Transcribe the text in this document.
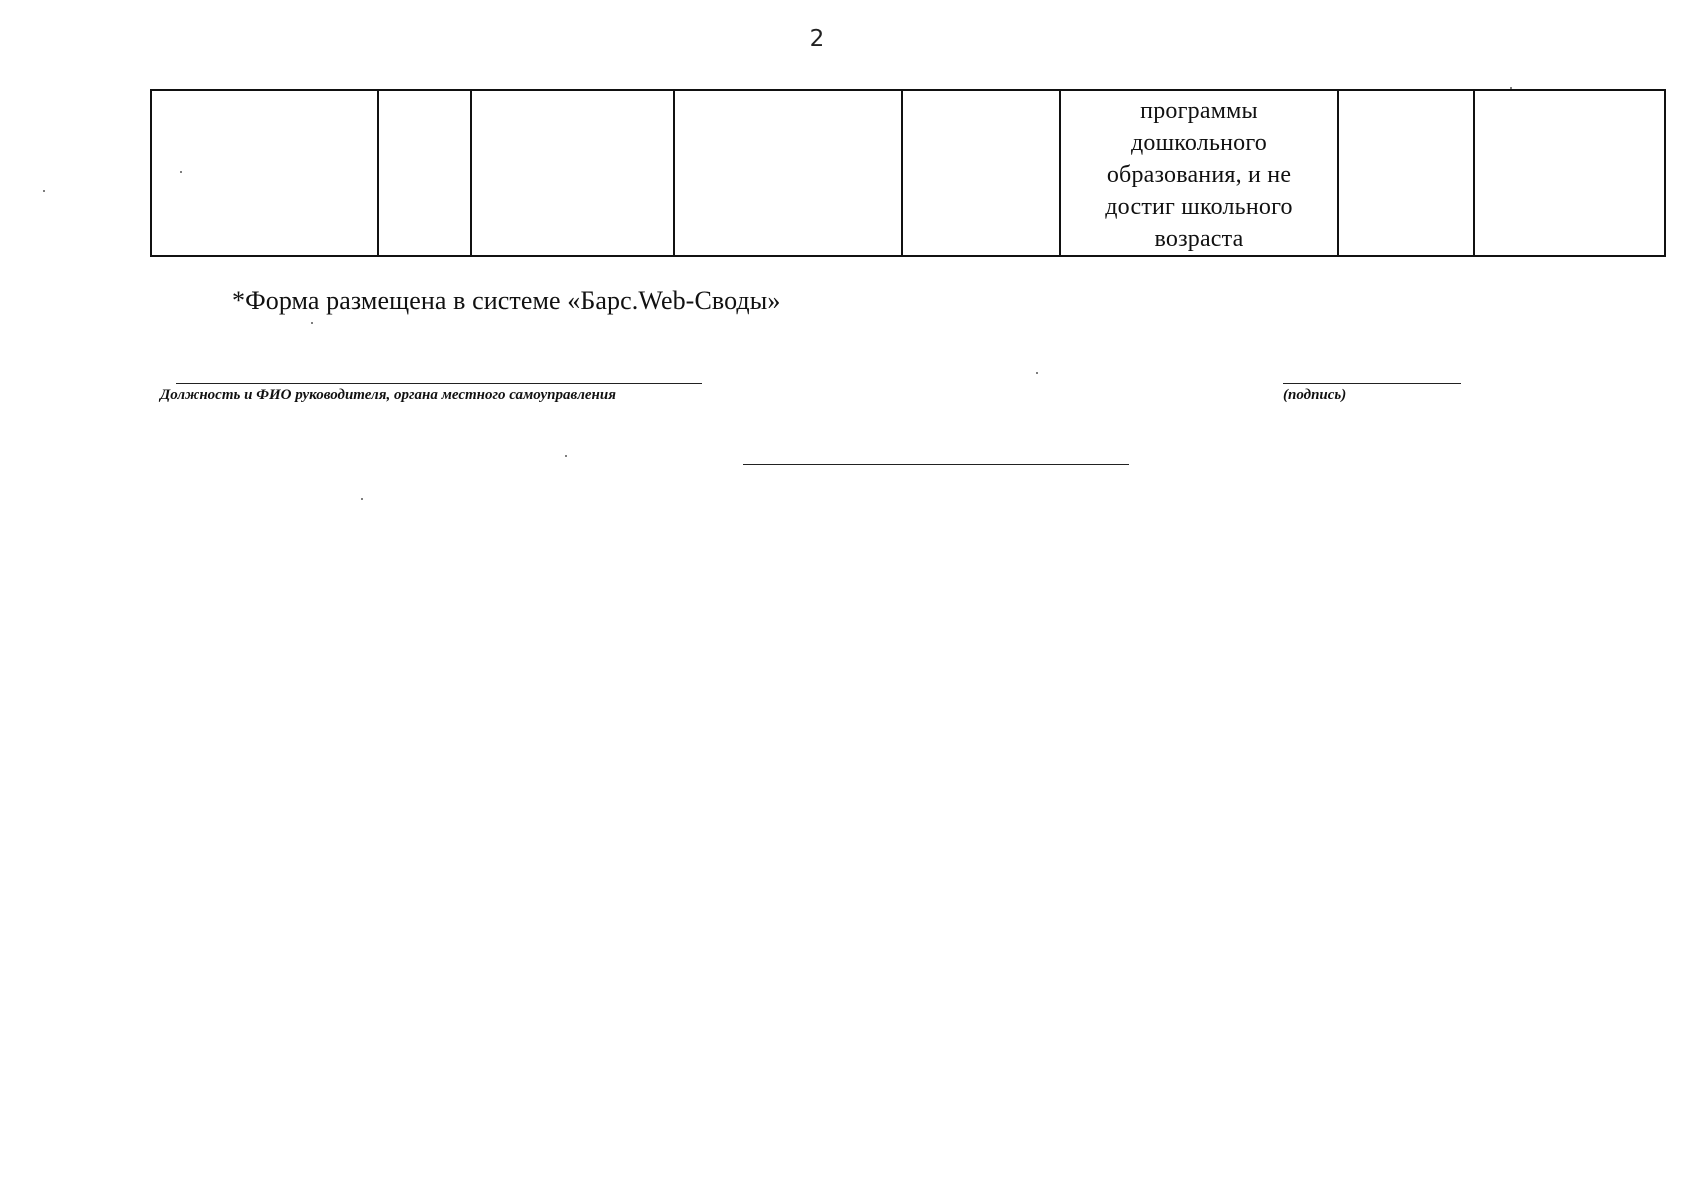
2

программы
дошкольного
образования, и не
достиг школьного
возраста

*Форма размещена в системе «Барс.Web-Своды»
Должность и ФИО руководителя, органа местного самоуправления	(подпись)
